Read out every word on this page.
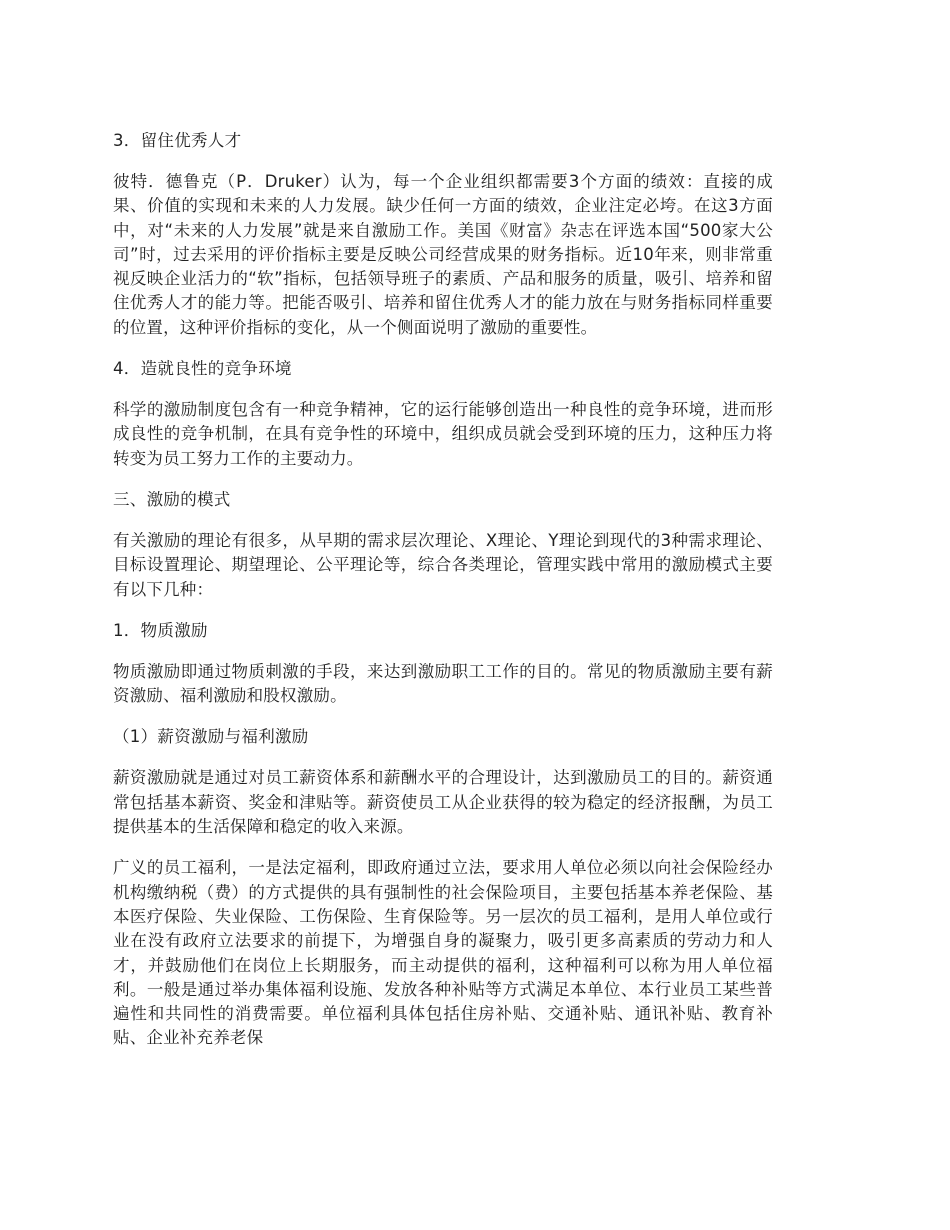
3．留住优秀人才

彼特．德鲁克（P．Druker）认为，每一个企业组织都需要3个方面的绩效：直接的成果、价值的实现和未来的人力发展。缺少任何一方面的绩效，企业注定必垮。在这3方面中，对“未来的人力发展”就是来自激励工作。美国《财富》杂志在评选本国“500家大公司”时，过去采用的评价指标主要是反映公司经营成果的财务指标。近10年来，则非常重视反映企业活力的“软”指标，包括领导班子的素质、产品和服务的质量，吸引、培养和留住优秀人才的能力等。把能否吸引、培养和留住优秀人才的能力放在与财务指标同样重要的位置，这种评价指标的变化，从一个侧面说明了激励的重要性。

4．造就良性的竞争环境

科学的激励制度包含有一种竞争精神，它的运行能够创造出一种良性的竞争环境，进而形成良性的竞争机制，在具有竞争性的环境中，组织成员就会受到环境的压力，这种压力将转变为员工努力工作的主要动力。

三、激励的模式

有关激励的理论有很多，从早期的需求层次理论、X理论、Y理论到现代的3种需求理论、目标设置理论、期望理论、公平理论等，综合各类理论，管理实践中常用的激励模式主要有以下几种：

1．物质激励

物质激励即通过物质刺激的手段，来达到激励职工工作的目的。常见的物质激励主要有薪资激励、福利激励和股权激励。

（1）薪资激励与福利激励

薪资激励就是通过对员工薪资体系和薪酬水平的合理设计，达到激励员工的目的。薪资通常包括基本薪资、奖金和津贴等。薪资使员工从企业获得的较为稳定的经济报酬，为员工提供基本的生活保障和稳定的收入来源。

广义的员工福利，一是法定福利，即政府通过立法，要求用人单位必须以向社会保险经办机构缴纳税（费）的方式提供的具有强制性的社会保险项目，主要包括基本养老保险、基本医疗保险、失业保险、工伤保险、生育保险等。另一层次的员工福利，是用人单位或行业在没有政府立法要求的前提下，为增强自身的凝聚力，吸引更多高素质的劳动力和人才，并鼓励他们在岗位上长期服务，而主动提供的福利，这种福利可以称为用人单位福利。一般是通过举办集体福利设施、发放各种补贴等方式满足本单位、本行业员工某些普遍性和共同性的消费需要。单位福利具体包括住房补贴、交通补贴、通讯补贴、教育补贴、企业补充养老保
